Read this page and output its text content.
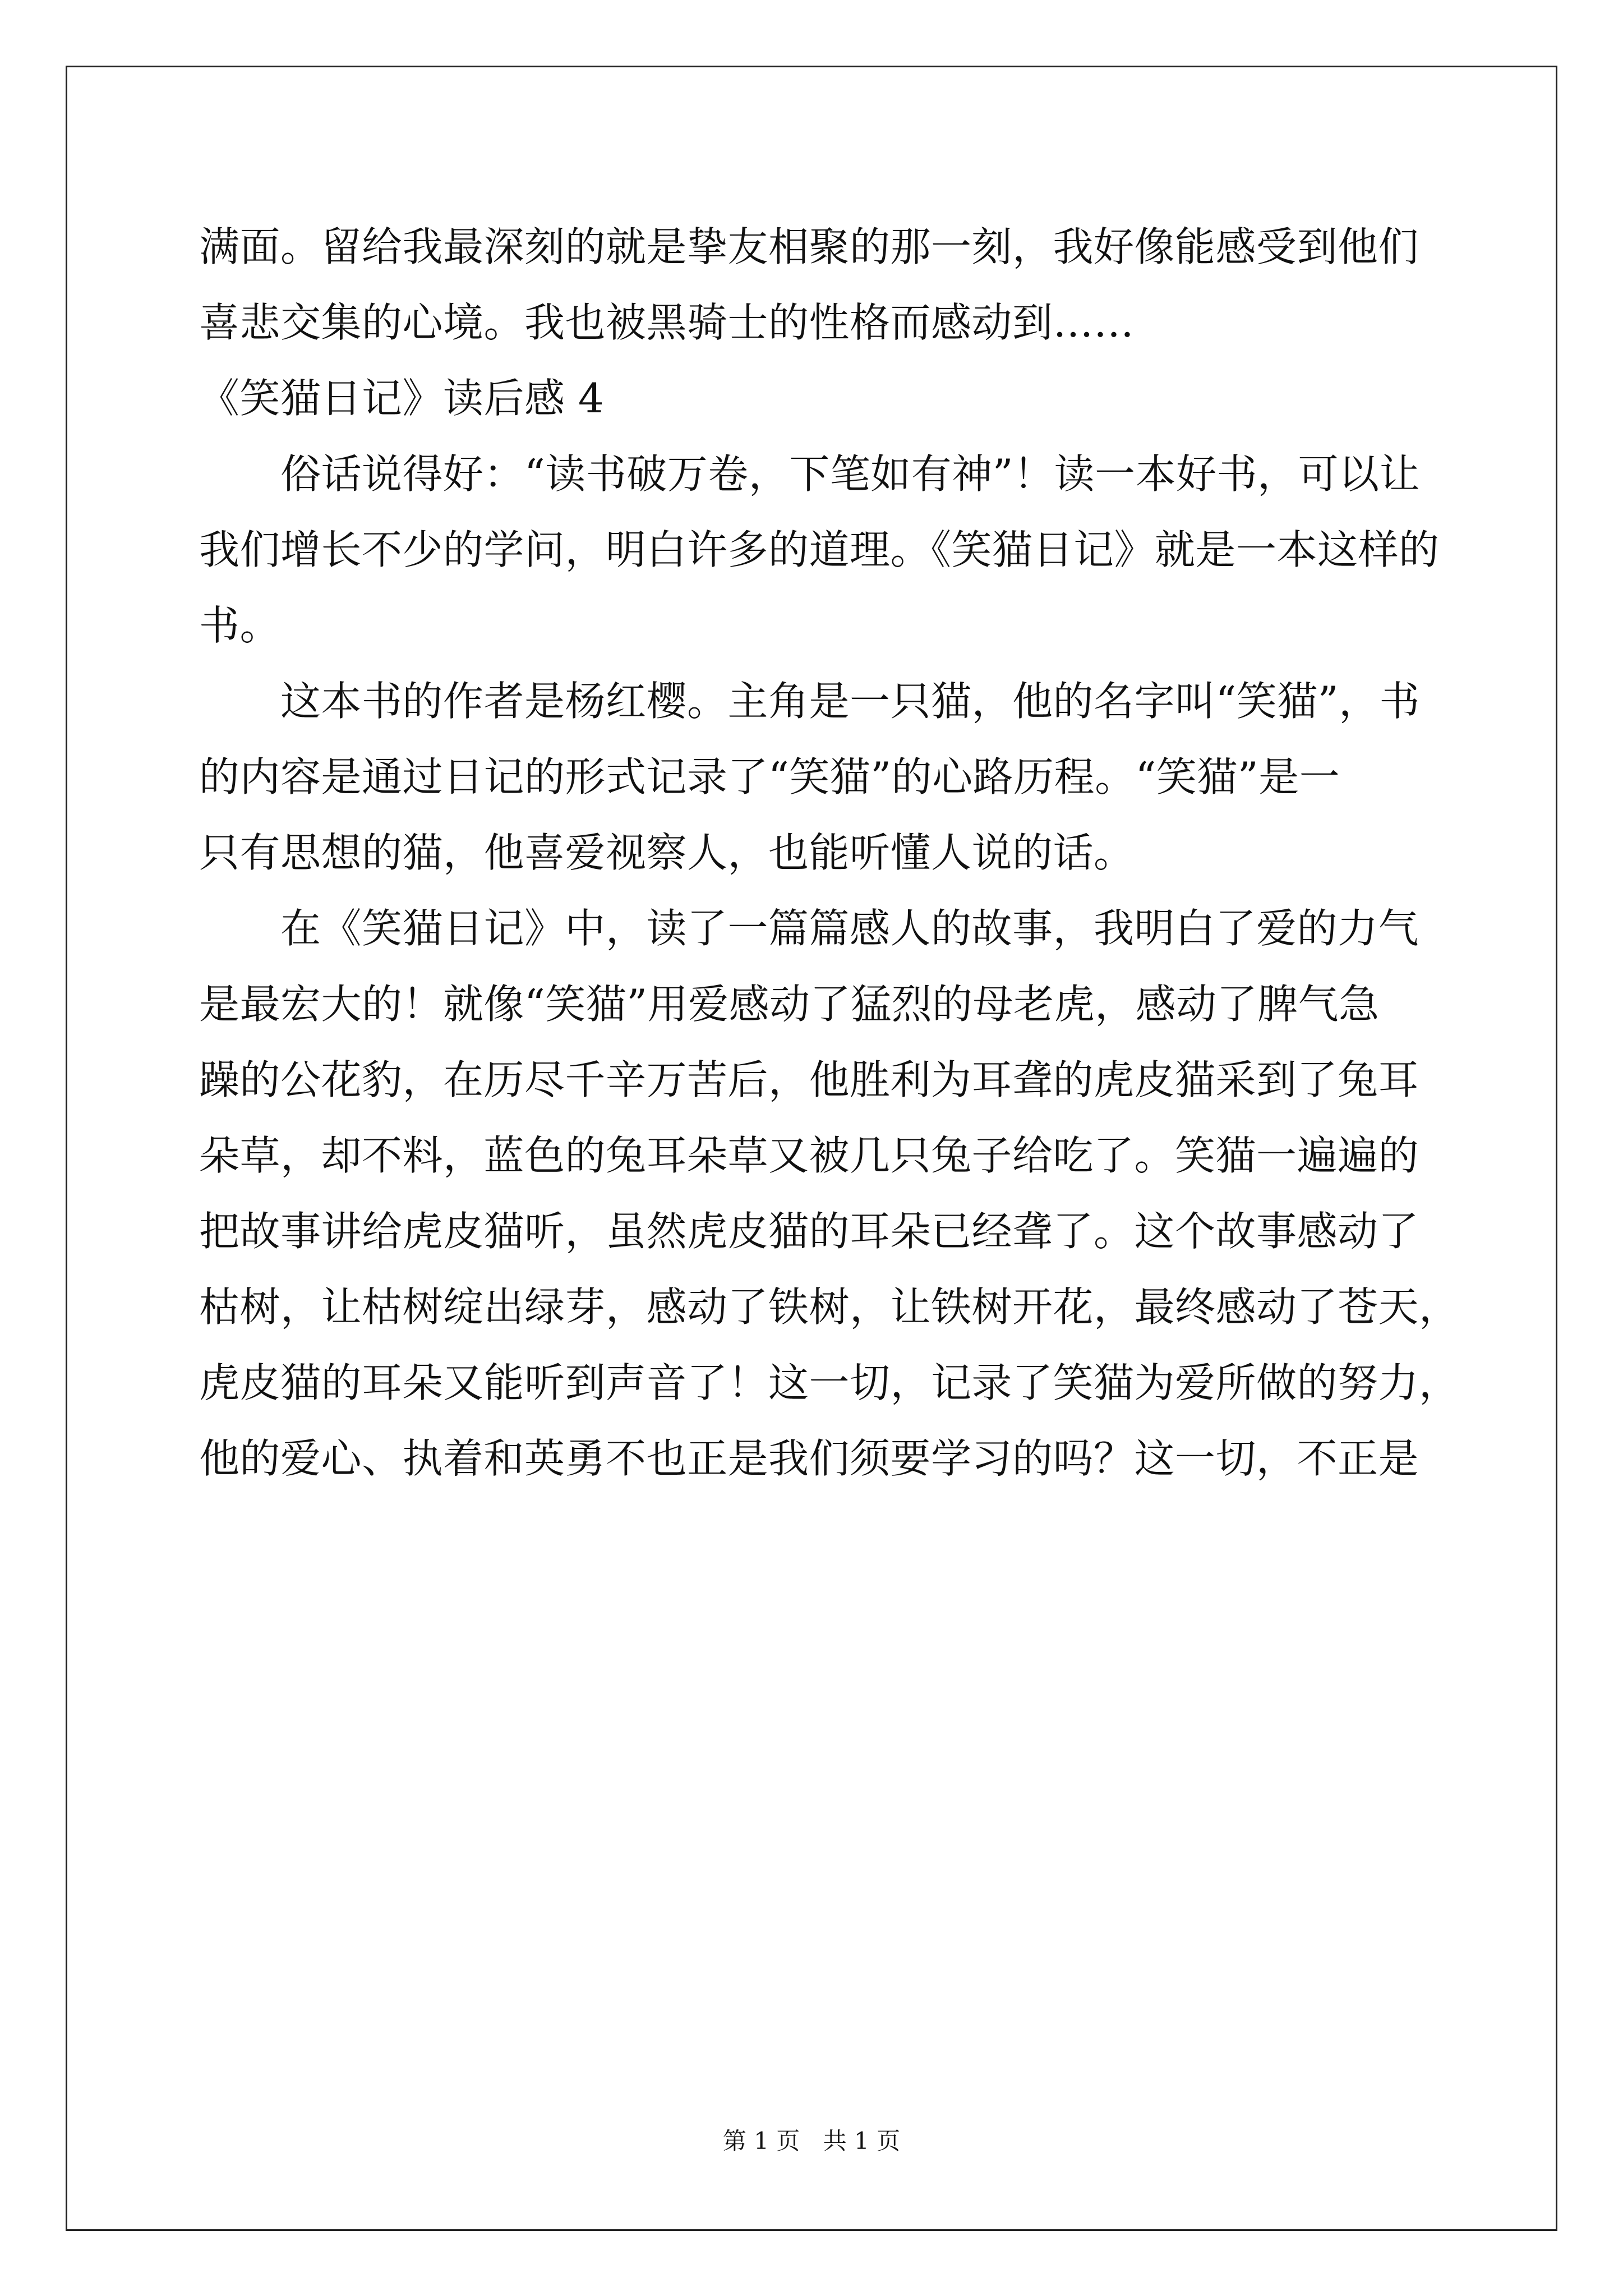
满面。留给我最深刻的就是挚友相聚的那一刻，我好像能感受到他们
喜悲交集的心境。我也被黑骑士的性格而感动到……
《笑猫日记》读后感 4
俗话说得好：“读书破万卷，下笔如有神”！读一本好书，可以让
我们增长不少的学问，明白许多的道理。《笑猫日记》就是一本这样的
书。
这本书的作者是杨红樱。主角是一只猫，他的名字叫“笑猫”，书
的内容是通过日记的形式记录了“笑猫”的心路历程。“笑猫”是一
只有思想的猫，他喜爱视察人，也能听懂人说的话。
在《笑猫日记》中，读了一篇篇感人的故事，我明白了爱的力气
是最宏大的！就像“笑猫”用爱感动了猛烈的母老虎，感动了脾气急
躁的公花豹，在历尽千辛万苦后，他胜利为耳聋的虎皮猫采到了兔耳
朵草，却不料，蓝色的兔耳朵草又被几只兔子给吃了。笑猫一遍遍的
把故事讲给虎皮猫听，虽然虎皮猫的耳朵已经聋了。这个故事感动了
枯树，让枯树绽出绿芽，感动了铁树，让铁树开花，最终感动了苍天，
虎皮猫的耳朵又能听到声音了！这一切，记录了笑猫为爱所做的努力，
他的爱心、执着和英勇不也正是我们须要学习的吗？这一切，不正是
第 1 页 共 1 页
